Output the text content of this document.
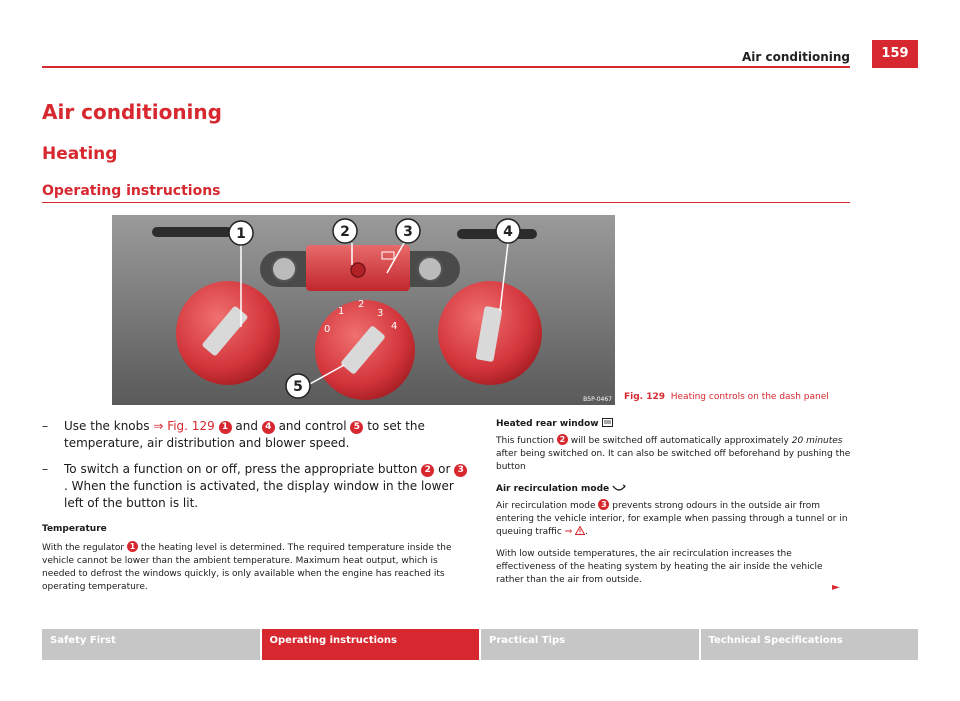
Air conditioning	159
Air conditioning
Heating
Operating instructions
0
1
2
3
4
1	2	3	4
5
B5P-0467 Fig. 129 Heating controls on the dash panel
– Use the knobs ⇒ Fig. 129 1 and 4 and control 5 to set the temperature, air distribution and blower speed.
– To switch a function on or off, press the appropriate button 2 or 3. When the function is activated, the display window in the lower left of the button is lit.
Temperature

With the regulator 1 the heating level is determined. The required temperature inside the vehicle cannot be lower than the ambient temperature. Maximum heat output, which is needed to defrost the windows quickly, is only available when the engine has reached its operating temperature.

Heated rear window

This function 2 will be switched off automatically approximately 20 minutes after being switched on. It can also be switched off beforehand by pushing the button

Air recirculation mode

Air recirculation mode 3 prevents strong odours in the outside air from entering the vehicle interior, for example when passing through a tunnel or in queuing traffic ⇒ .

With low outside temperatures, the air recirculation increases the effectiveness of the heating system by heating the air inside the vehicle rather than the air from outside.

►
Safety First	Operating instructions	Practical Tips	Technical Specifications
